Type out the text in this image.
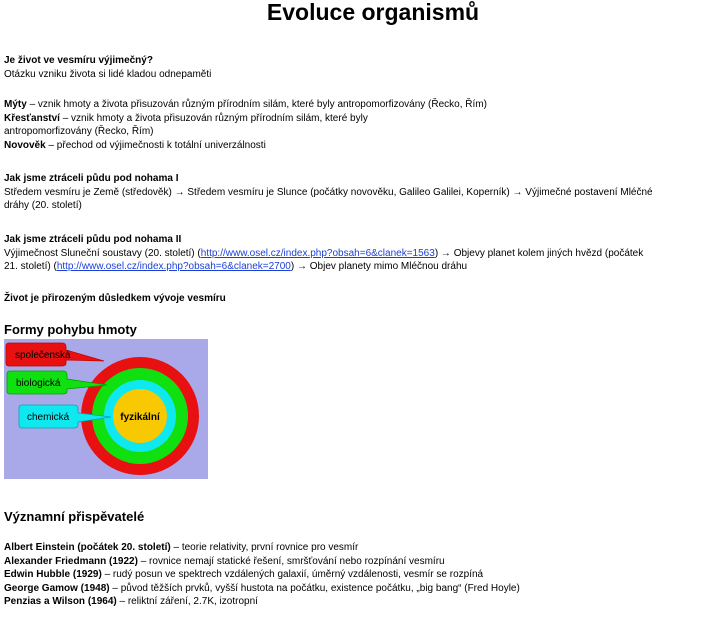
Evoluce organismů

Je život ve vesmíru výjimečný?

Otázku vzniku života si lidé kladou odnepaměti

Mýty – vznik hmoty a života přisuzován různým přírodním silám, které byly antropomorfizovány (Řecko, Řím)

Křesťanství – vznik hmoty a života přisuzován různým přírodním silám, které byly

antropomorfizovány (Řecko, Řím)

Novověk – přechod od výjimečnosti k totální univerzálnosti

Jak jsme ztráceli půdu pod nohama I

Středem vesmíru je Země (středověk) → Středem vesmíru je Slunce (počátky novověku, Galileo Galilei, Koperník) → Výjimečné postavení Mléčné

dráhy (20. století)

Jak jsme ztráceli půdu pod nohama II

Výjimečnost Sluneční soustavy (20. století) (http://www.osel.cz/index.php?obsah=6&clanek=1563) → Objevy planet kolem jiných hvězd (počátek

21. století) (http://www.osel.cz/index.php?obsah=6&clanek=2700) → Objev planety mimo Mléčnou dráhu

Život je přirozeným důsledkem vývoje vesmíru

Formy pohybu hmoty
společenská
biologická
chemická	fyzikální
Významní přispěvatelé

Albert Einstein (počátek 20. století) – teorie relativity, první rovnice pro vesmír

Alexander Friedmann (1922) – rovnice nemají statické řešení, smršťování nebo rozpínání vesmíru

Edwin Hubble (1929) – rudý posun ve spektrech vzdálených galaxií, úměrný vzdálenosti, vesmír se rozpíná

George Gamow (1948) – původ těžších prvků, vyšší hustota na počátku, existence počátku, „big bang“ (Fred Hoyle)

Penzias a Wilson (1964) – reliktní záření, 2.7K, izotropní
